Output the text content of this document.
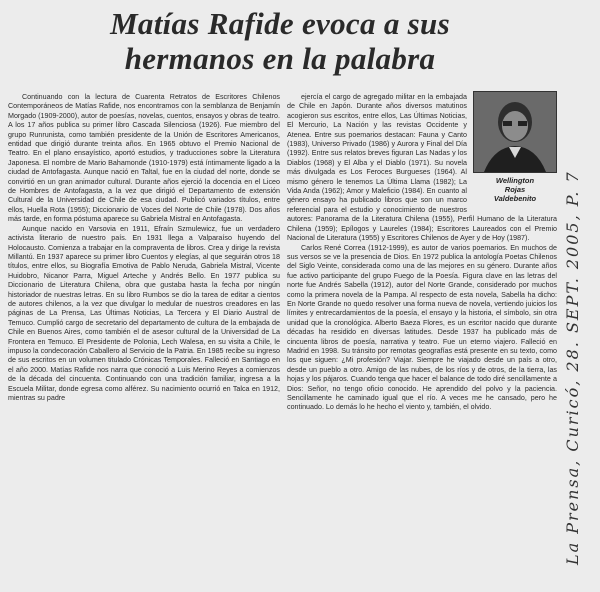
Matías Rafide evoca a sus
hermanos en la palabra

Continuando con la lectura de Cuarenta Retratos de Escritores Chilenos Contemporáneos de Matías Rafide, nos encontramos con la semblanza de Benjamín Morgado (1909-2000), autor de poesías, novelas, cuentos, ensayos y obras de teatro. A los 17 años publica su primer libro Cascada Silenciosa (1926). Fue miembro del grupo Runrunista, como también presidente de la Unión de Escritores Americanos, entidad que dirigió durante treinta años. En 1965 obtuvo el Premio Nacional de Teatro. En el plano ensayístico, aportó estudios, y traducciones sobre la Literatura Japonesa. El nombre de Mario Bahamonde (1910-1979) está íntimamente ligado a la ciudad de Antofagasta. Aunque nació en Taltal, fue en la ciudad del norte, donde se convirtió en un gran animador cultural. Durante años ejerció la docencia en el Liceo de Hombres de Antofagasta, a la vez que dirigió el Departamento de extensión Cultural de la Universidad de Chile de esa ciudad. Publicó variados títulos, entre ellos, Huella Rota (1955); Diccionario de Voces del Norte de Chile (1978). Dos años más tarde, en forma póstuma aparece su Gabriela Mistral en Antofagasta.

Aunque nacido en Varsovia en 1911, Efraín Szmulewicz, fue un verdadero activista literario de nuestro país. En 1931 llega a Valparaíso huyendo del Holocausto. Comienza a trabajar en la compraventa de libros. Crea y dirige la revista Millantú. En 1937 aparece su primer libro Cuentos y elegías, al que seguirán otros 18 títulos, entre ellos, su Biografía Emotiva de Pablo Neruda, Gabriela Mistral, Vicente Huidobro, Nicanor Parra, Miguel Arteche y Andrés Bello. En 1977 publica su Diccionario de Literatura Chilena, obra que gustaba hasta la fecha por ningún historiador de nuestras letras. En su libro Rumbos se dio la tarea de editar a cientos de autores chilenos, a la vez que divulgar lo medular de nuestros creadores en las páginas de La Prensa, Las Últimas Noticias, La Tercera y El Diario Austral de Temuco. Cumplió cargo de secretario del departamento de cultura de la embajada de Chile en Buenos Aires, como también el de asesor cultural de la Universidad de La Frontera en Temuco. El Presidente de Polonia, Lech Walesa, en su visita a Chile, le impuso la condecoración Caballero al Servicio de la Patria. En 1985 recibe su ingreso de sus escritos en un volumen titulado Crónicas Temporales. Falleció en Santiago en el año 2000. Matías Rafide nos narra que conoció a Luis Merino Reyes a comienzos de la década del cincuenta. Continuando con una tradición familiar, ingresa a la Escuela Militar, donde egresa como alférez. Su nacimiento ocurrió en Talca en 1912, mientras su padre

Wellington
Rojas
Valdebenito

ejercía el cargo de agregado militar en la embajada de Chile en Japón. Durante años diversos matutinos acogieron sus escritos, entre ellos, Las Últimas Noticias, El Mercurio, La Nación y las revistas Occidente y Atenea. Entre sus poemarios destacan: Fauna y Canto (1983), Universo Privado (1986) y Aurora y Final del Día (1992). Entre sus relatos breves figuran Las Nadas y los Diablos (1968) y El Alba y el Diablo (1971). Su novela más divulgada es Los Feroces Burgueses (1964). Al mismo género le tenemos La Última Llama (1982); La Vida Anda (1962); Amor y Maleficio (1984). En cuanto al género ensayo ha publicado libros que son un marco referencial para el estudio y conocimiento de nuestros autores: Panorama de la Literatura Chilena (1955), Perfil Humano de la Literatura Chilena (1959); Epílogos y Laureles (1984); Escritores Laureados con el Premio Nacional de Literatura (1955) y Escritores Chilenos de Ayer y de Hoy (1987).

Carlos René Correa (1912-1999), es autor de varios poemarios. En muchos de sus versos se ve la presencia de Dios. En 1972 publica la antología Poetas Chilenos del Siglo Veinte, considerada como una de las mejores en su género. Durante años fue activo participante del grupo Fuego de la Poesía. Figura clave en las letras del norte fue Andrés Sabella (1912), autor del Norte Grande, considerado por muchos como la primera novela de la Pampa. Al respecto de esta novela, Sabella ha dicho: En Norte Grande no quedo resolver una forma nueva de novela, vertiendo juicios los límites y entrecardamientos de la poesía, el ensayo y la historia, el símbolo, sin otra unidad que la cronológica. Alberto Baeza Flores, es un escritor nacido que durante décadas ha residido en diversas latitudes. Desde 1937 ha publicado más de cincuenta libros de poesía, narrativa y teatro. Fue un eterno viajero. Falleció en Madrid en 1998. Su tránsito por remotas geografías está presente en su texto, como los que siguen: ¿Mi profesión? Viajar. Siempre he viajado desde un país a otro, desde un pueblo a otro. Amigo de las nubes, de los ríos y de otros, de la tierra, las hojas y los pájaros. Cuando tenga que hacer el balance de todo diré sencillamente a Dios: Señor, no tengo oficio conocido. He aprendido del polvo y la paciencia. Sencillamente he caminado igual que el río. A veces me he cansado, pero he continuado. Lo demás lo he hecho el viento y, también, el olvido.	La Prensa, Curicó, 28. SEPT. 2005, P. 7
